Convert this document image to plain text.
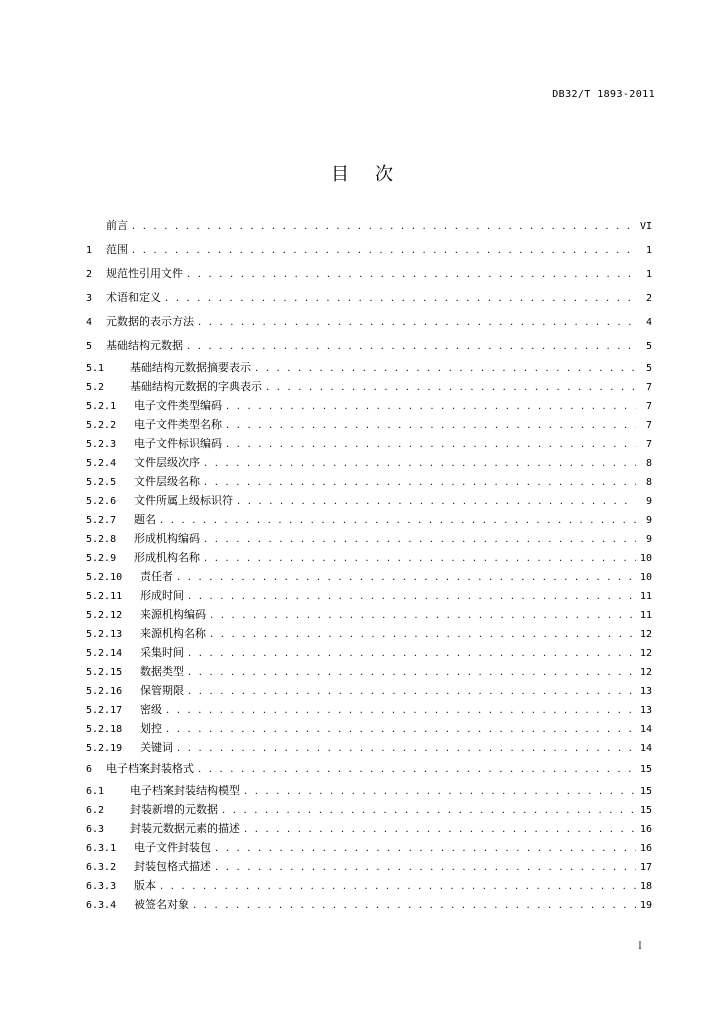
DB32/T 1893-2011
目次
前言 . . .	VI
1	范围 . . .	1
2	规范性引用文件 . . .	1
3	术语和定义 . . .	2
4	元数据的表示方法 . . .	4
5	基础结构元数据 . . .	5
5.1	基础结构元数据摘要表示 . . .	5
5.2	基础结构元数据的字典表示 . . .	7
5.2.1	电子文件类型编码 . . .	7
5.2.2	电子文件类型名称 . . .	7
5.2.3	电子文件标识编码 . . .	7
5.2.4	文件层级次序 . . .	8
5.2.5	文件层级名称 . . .	8
5.2.6	文件所属上级标识符 . . .	9
5.2.7	题名 . . .	9
5.2.8	形成机构编码 . . .	9
5.2.9	形成机构名称 . . .	10
5.2.10	责任者 . . .	10
5.2.11	形成时间 . . .	11
5.2.12	来源机构编码 . . .	11
5.2.13	来源机构名称 . . .	12
5.2.14	采集时间 . . .	12
5.2.15	数据类型 . . .	12
5.2.16	保管期限 . . .	13
5.2.17	密级 . . .	13
5.2.18	划控 . . .	14
5.2.19	关键词 . . .	14
6	电子档案封装格式 . . .	15
6.1	电子档案封装结构模型 . . .	15
6.2	封装新增的元数据 . . .	15
6.3	封装元数据元素的描述 . . .	16
6.3.1	电子文件封装包 . . .	16
6.3.2	封装包格式描述 . . .	17
6.3.3	版本 . . .	18
6.3.4	被签名对象 . . .	19
I
